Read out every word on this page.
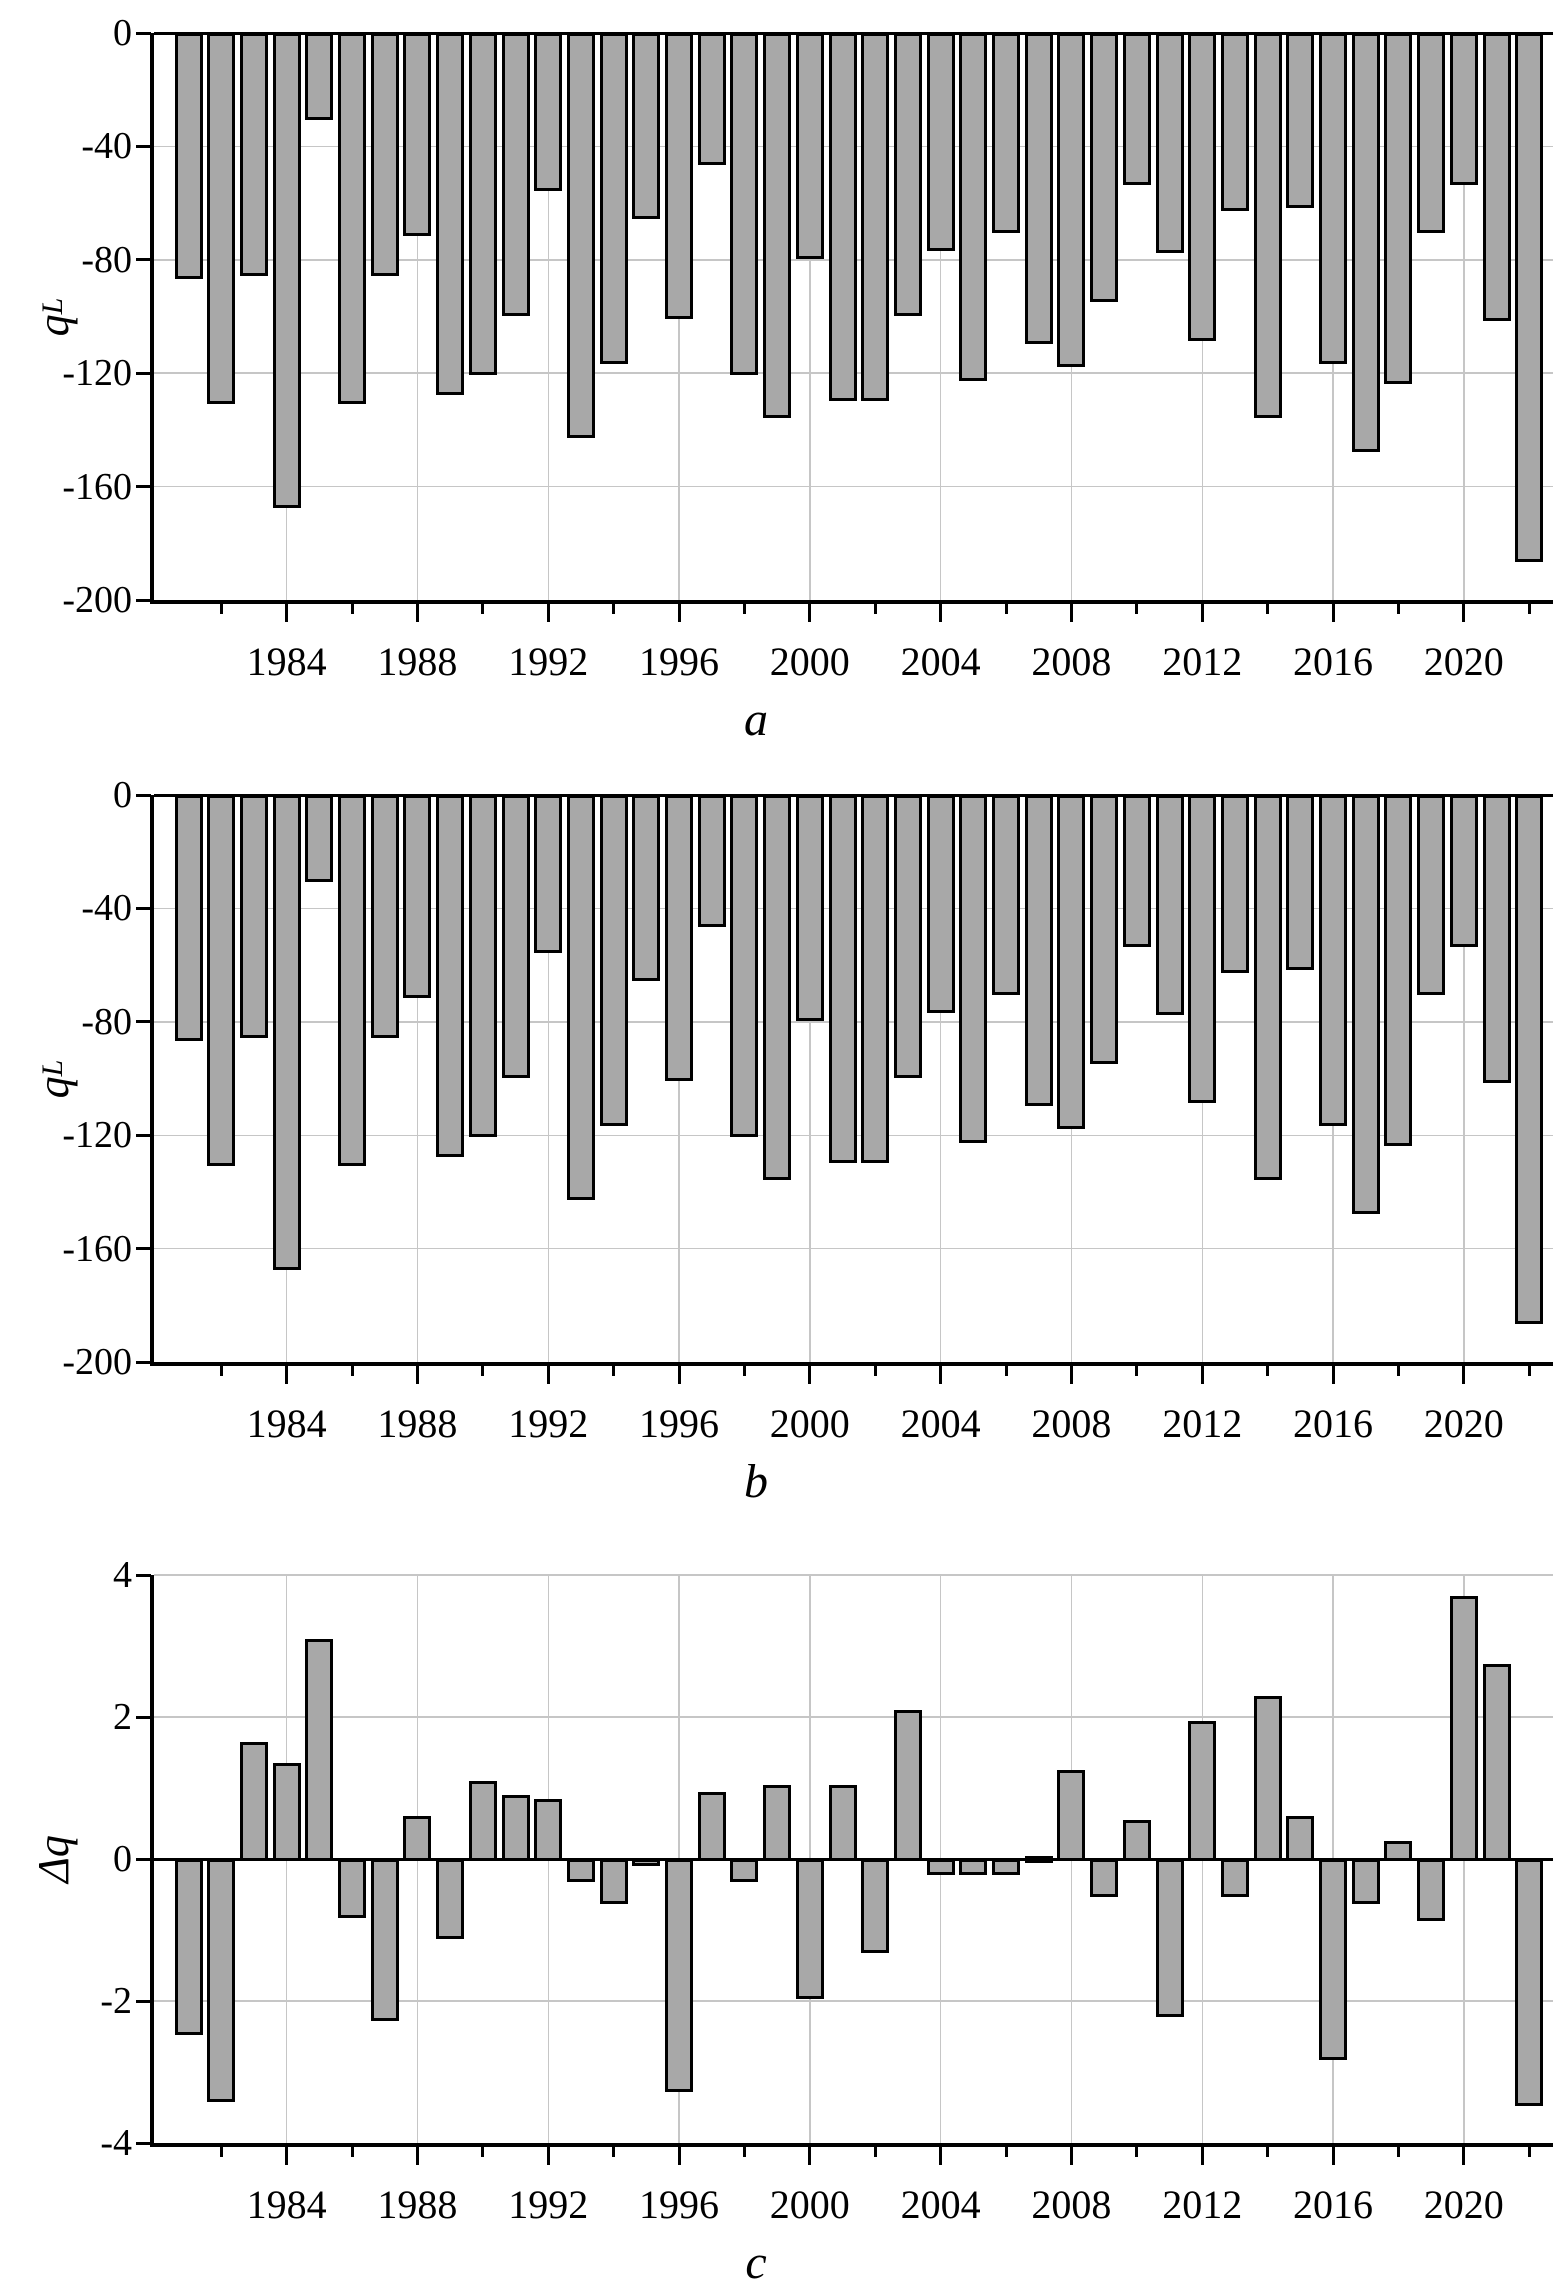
0
-40
-80
-120
-160
-200
1984	1988	1992	1996	2000	2004	2008	2012	2016	2020
q
L
a
0
-40
-80
-120
-160
-200
1984	1988	1992	1996	2000	2004	2008	2012	2016	2020
q
L
b
4
2
0
-2
-4
1984	1988	1992	1996	2000	2004	2008	2012	2016	2020
Δ
q
c
